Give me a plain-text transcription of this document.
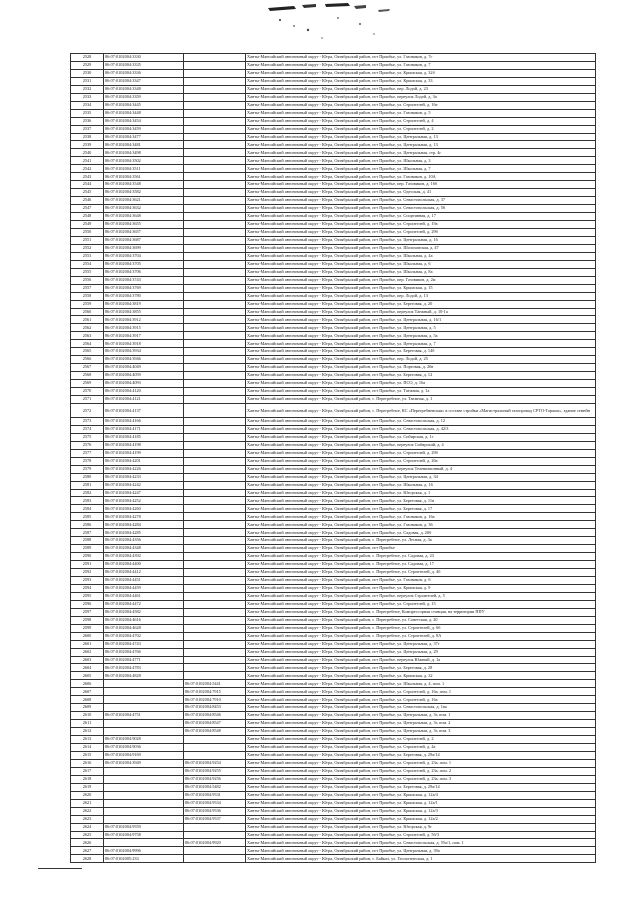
2528	86:07:0102004:3330		Ханты-Мансийский автономный округ - Югра, Октябрьский район, пгт Приобье, ул. Газовиков, д. 7г
2529	86:07:0102004:3335		Ханты-Мансийский автономный округ - Югра, Октябрьский район, пгт Приобье, ул. Газовиков, д. 7
2530	86:07:0102004:3336		Ханты-Мансийский автономный округ - Югра, Октябрьский район, пгт Приобье, ул. Крымская, д. 32б
2531	86:07:0102004:3347		Ханты-Мансийский автономный округ - Югра, Октябрьский район, пгт Приобье, ул. Крымская, д. 33
2532	86:07:0102004:3348		Ханты-Мансийский автономный округ - Югра, Октябрьский район, пгт Приобье, пер. Лодой, д. 23
2533	86:07:0102004:3359		Ханты-Мансийский автономный округ - Югра, Октябрьский район, пгт Приобье, переулок Лодой, д. 3а
2534	86:07:0102004:3445		Ханты-Мансийский автономный округ - Югра, Октябрьский район, пгт Приобье, ул. Строителей, д. 16е
2535	86:07:0102004:3448		Ханты-Мансийский автономный округ - Югра, Октябрьский район, пгт Приобье, ул. Газовиков, д. 5
2536	86:07:0102004:3454		Ханты-Мансийский автономный округ - Югра, Октябрьский район, пгт Приобье, ул. Строителей, д. 4
2537	86:07:0102004:3459		Ханты-Мансийский автономный округ - Югра, Октябрьский район, пгт Приобье, ул. Строителей, д. 2
2538	86:07:0102004:3477		Ханты-Мансийский автономный округ - Югра, Октябрьский район, пгт Приобье, ул. Центральная, д. 13
2539	86:07:0102004:3481		Ханты-Мансийский автономный округ - Югра, Октябрьский район, пгт Приобье, ул. Центральная, д. 13
2540	86:07:0102004:3498		Ханты-Мансийский автономный округ - Югра, Октябрьский район, пгт Приобье, ул. Центральная, стр. 4г
2541	86:07:0102004:3502		Ханты-Мансийский автономный округ - Югра, Октябрьский район, пгт Приобье, ул. Школьная, д. 3
2542	86:07:0102004:3511		Ханты-Мансийский автономный округ - Югра, Октябрьский район, пгт Приобье, ул. Школьная, д. 7
2543	86:07:0102004:3561		Ханты-Мансийский автономный округ - Югра, Октябрьский район, пгт Приобье, ул. Газовиков, д. 10А
2544	86:07:0102004:3548		Ханты-Мансийский автономный округ - Югра, Октябрьский район, пгт Приобье, пер. Газовиков, д. 16б
2545	86:07:0102004:3582		Ханты-Мансийский автономный округ - Югра, Октябрьский район, пгт Приобье, ул. Одесская, д. 41
2546	86:07:0102004:3621		Ханты-Мансийский автономный округ - Югра, Октябрьский район, пгт Приобье, ул. Севастопольская, д. 37
2547	86:07:0102004:3632		Ханты-Мансийский автономный округ - Югра, Октябрьский район, пгт Приобье, ул. Севастопольская, д. 56
2548	86:07:0102004:3648		Ханты-Мансийский автономный округ - Югра, Октябрьский район, пгт Приобье, ул. Спортивная, д. 17
2549	86:07:0102004:3655		Ханты-Мансийский автономный округ - Югра, Октябрьский район, пгт Приобье, ул. Строителей, д. 19а
2550	86:07:0102004:3657		Ханты-Мансийский автономный округ - Югра, Октябрьский район, пгт Приобье, ул. Строителей, д. 29б
2551	86:07:0102004:3687		Ханты-Мансийский автономный округ - Югра, Октябрьский район, пгт Приобье, ул. Центральная, д. 16
2552	86:07:0102004:3699		Ханты-Мансийский автономный округ - Югра, Октябрьский район, пгт Приобье, ул. Шолоховская, д. 47
2553	86:07:0102004:3704		Ханты-Мансийский автономный округ - Югра, Октябрьский район, пгт Приобье, ул. Школьная, д. 4а
2554	86:07:0102004:3705		Ханты-Мансийский автономный округ - Югра, Октябрьский район, пгт Приобье, ул. Школьная, д. 6
2555	86:07:0102004:3706		Ханты-Мансийский автономный округ - Югра, Октябрьский район, пгт Приобье, ул. Школьная, д. 8а
2556	86:07:0102004:3743		Ханты-Мансийский автономный округ - Югра, Октябрьский район, пгт Приобье, пер. Газовиков, д. 2м
2557	86:07:0102004:3769		Ханты-Мансийский автономный округ - Югра, Октябрьский район, пгт Приобье, ул. Крымская, д. 15
2558	86:07:0102004:3780		Ханты-Мансийский автономный округ - Югра, Октябрьский район, пгт Приобье, пер. Лодой, д. 13
2559	86:07:0102004:3819		Ханты-Мансийский автономный округ - Югра, Октябрьский район, пгт Приобье, ул. Береговая, д. 20
2560	86:07:0102004:3855		Ханты-Мансийский автономный округ - Югра, Октябрьский район, пгт Приобье, переулок Таежный, д. 10-1а
2561	86:07:0102004:3912		Ханты-Мансийский автономный округ - Югра, Октябрьский район, пгт Приобье, ул. Центральная, д. 16/1
2562	86:07:0102004:3915		Ханты-Мансийский автономный округ - Югра, Октябрьский район, пгт Приобье, ул. Центральная, д. 5
2563	86:07:0102004:3917		Ханты-Мансийский автономный округ - Югра, Октябрьский район, пгт Приобье, ул. Центральная, д. 5а
2564	86:07:0102004:3918		Ханты-Мансийский автономный округ - Югра, Октябрьский район, пгт Приобье, ул. Центральная, д. 7
2565	86:07:0102004:3934		Ханты-Мансийский автономный округ - Югра, Октябрьский район, пгт Приобье, ул. Береговая, д. 14б
2566	86:07:0102004:3946		Ханты-Мансийский автономный округ - Югра, Октябрьский район, пгт Приобье, пер. Лодой, д. 25
2567	86:07:0102004:4049		Ханты-Мансийский автономный округ - Югра, Октябрьский район, пгт Приобье, ул. Портовая, д. 20в
2568	86:07:0102004:4059		Ханты-Мансийский автономный округ - Югра, Октябрьский район, пгт Приобье, ул. Береговая, д. 12
2569	86:07:0102004:4093		Ханты-Мансийский автономный округ - Югра, Октябрьский район, пгт Приобье, ул. ПСО, д. 16а
2570	86:07:0102004:4120		Ханты-Мансийский автономный округ - Югра, Октябрьский район, пгт Приобье, ул. Таежная, д. 1а
2571	86:07:0102004:4121		Ханты-Мансийский автономный округ - Югра, Октябрьский район, с. Перегребное, ул. Таежная, д. 1
2572	86:07:0102004:4137		Ханты-Мансийский автономный округ - Югра, Октябрьский район, с. Перегребное, КС «Перегребненская» в составе стройки «Магистральный газопровод СРТО-Торжок», здание семейн
2573	86:07:0102004:4166		Ханты-Мансийский автономный округ - Югра, Октябрьский район, пгт Приобье, ул. Севастопольская, д. 12
2574	86:07:0102004:4171		Ханты-Мансийский автономный округ - Югра, Октябрьский район, пгт Приобье, ул. Севастопольская, д. 42/3
2575	86:07:0102004:4185		Ханты-Мансийский автономный округ - Югра, Октябрьский район, пгт Приобье, ул. Сибирская, д. 1г
2576	86:07:0102004:4198		Ханты-Мансийский автономный округ - Югра, Октябрьский район, пгт Приобье, переулок Сибирский, д. 4
2577	86:07:0102004:4199		Ханты-Мансийский автономный округ - Югра, Октябрьский район, пгт Приобье, ул. Строителей, д. 29б
2578	86:07:0102004:4201		Ханты-Мансийский автономный округ - Югра, Октябрьский район, пгт Приобье, ул. Строителей, д. 26а
2579	86:07:0102004:4226		Ханты-Мансийский автономный округ - Югра, Октябрьский район, пгт Приобье, переулок Телевизионный, д. 4
2580	86:07:0102004:4233		Ханты-Мансийский автономный округ - Югра, Октябрьский район, пгт Приобье, ул. Центральная, д. 34
2581	86:07:0102004:4242		Ханты-Мансийский автономный округ - Югра, Октябрьский район, пгт Приобье, ул. Школьная, д. 16
2582	86:07:0102004:4247		Ханты-Мансийский автономный округ - Югра, Октябрьский район, пгт Приобье, ул. Югорская, д. 1
2583	86:07:0102004:4252		Ханты-Мансийский автономный округ - Югра, Октябрьский район, пгт Приобье, ул. Береговая, д. 11в
2584	86:07:0102004:4260		Ханты-Мансийский автономный округ - Югра, Октябрьский район, пгт Приобье, ул. Береговая, д. 17
2585	86:07:0102004:4278		Ханты-Мансийский автономный округ - Югра, Октябрьский район, пгт Приобье, ул. Газовиков, д. 16а
2586	86:07:0102004:4284		Ханты-Мансийский автономный округ - Югра, Октябрьский район, пгт Приобье, ул. Газовиков, д. 36
2587	86:07:0102004:4285		Ханты-Мансийский автономный округ - Югра, Октябрьский район, пгт Приобье, ул. Садовая, д. 20б
2588	86:07:0102004:4356		Ханты-Мансийский автономный округ - Югра, Октябрьский район, с. Перегребное, ул. Лесная, д. 3а
2589	86:07:0102004:4348		Ханты-Мансийский автономный округ - Югра, Октябрьский район, пгт Приобье
2590	86:07:0102004:4392		Ханты-Мансийский автономный округ - Югра, Октябрьский район, с. Перегребное, ул. Садовая, д. 23
2591	86:07:0102004:4400		Ханты-Мансийский автономный округ - Югра, Октябрьский район, с. Перегребное, ул. Садовая, д. 17
2592	86:07:0102004:4412		Ханты-Мансийский автономный округ - Югра, Октябрьский район, с. Перегребное, ул. Строителей, д. 4б
2593	86:07:0102004:4451		Ханты-Мансийский автономный округ - Югра, Октябрьский район, пгт Приобье, ул. Газовиков, д. 6
2594	86:07:0102004:4459		Ханты-Мансийский автономный округ - Югра, Октябрьский район, пгт Приобье, ул. Крымская, д. 9
2595	86:07:0102004:4461		Ханты-Мансийский автономный округ - Югра, Октябрьский район, пгт Приобье, переулок Строителей, д. 5
2596	86:07:0102004:4472		Ханты-Мансийский автономный округ - Югра, Октябрьский район, пгт Приобье, ул. Строителей, д. 15
2597	86:07:0102004:4582		Ханты-Мансийский автономный округ - Югра, Октябрьский район, с. Перегребное, Компрессорная станция, на территории ППУ
2598	86:07:0102004:4616		Ханты-Мансийский автономный округ - Югра, Октябрьский район, с. Перегребное, ул. Советская, д. 20
2599	86:07:0102004:4628		Ханты-Мансийский автономный округ - Югра, Октябрьский район, с. Перегребное, ул. Строителей, д. 6б
2600	86:07:0102004:4702		Ханты-Мансийский автономный округ - Югра, Октябрьский район, с. Перегребное, ул. Строителей, д. 8А
2601	86:07:0102004:4743		Ханты-Мансийский автономный округ - Югра, Октябрьский район, пгт Приобье, ул. Центральная, д. 37г
2602	86:07:0102004:4766		Ханты-Мансийский автономный округ - Югра, Октябрьский район, пгт Приобье, ул. Центральная, д. 29
2603	86:07:0102004:4771		Ханты-Мансийский автономный округ - Югра, Октябрьский район, пгт Приобье, переулок Южный, д. 1а
2604	86:07:0102004:4783		Ханты-Мансийский автономный округ - Югра, Октябрьский район, пгт Приобье, ул. Береговая, д. 28
2605	86:07:0102004:4828		Ханты-Мансийский автономный округ - Югра, Октябрьский район, пгт Приобье, ул. Крымская, д. 32
2606		86:07:0102004:5441	Ханты-Мансийский автономный округ - Югра, Октябрьский район, пгт Приобье, ул. Школьная, д. 4, пом. 1
2607		86:07:0102004:7915	Ханты-Мансийский автономный округ - Югра, Октябрьский район, пгт Приобье, ул. Строителей, д. 16а, пом. 1
2608		86:07:0102004:7910	Ханты-Мансийский автономный округ - Югра, Октябрьский район, пгт Приобье, ул. Строителей, д. 16а
2609		86:07:0102004:8453	Ханты-Мансийский автономный округ - Югра, Октябрьский район, пгт Приобье, ул. Севастопольская, д. 1ва
2610	86:07:0102004:4751	86:07:0102004:8546	Ханты-Мансийский автономный округ - Югра, Октябрьский район, пгт Приобье, ул. Центральная, д. 3г, пом. 1
2611		86:07:0102004:8547	Ханты-Мансийский автономный округ - Югра, Октябрьский район, пгт Приобье, ул. Центральная, д. 3г, пом. 2
2612		86:07:0102004:8548	Ханты-Мансийский автономный округ - Югра, Октябрьский район, пгт Приобье, ул. Центральная, д. 3г, пом. 3
2613	86:07:0102004:9028		Ханты-Мансийский автономный округ - Югра, Октябрьский район, пгт Приобье, ул. Строителей, д. 2
2614	86:07:0102004:9036		Ханты-Мансийский автономный округ - Югра, Октябрьский район, пгт Приобье, ул. Строителей, д. 4а
2615	86:07:0102004:9169		Ханты-Мансийский автономный округ - Югра, Октябрьский район, пгт Приобье, ул. Береговая, д. 29а/14
2616	86:07:0102004:3949	86:07:0102004:9254	Ханты-Мансийский автономный округ - Югра, Октябрьский район, пгт Приобье, ул. Строителей, д. 23а, пом. 1
2617		86:07:0102004:9255	Ханты-Мансийский автономный округ - Югра, Октябрьский район, пгт Приобье, ул. Строителей, д. 23а, пом. 2
2618		86:07:0102004:9256	Ханты-Мансийский автономный округ - Югра, Октябрьский район, пгт Приобье, ул. Строителей, д. 23а, пом. 3
2619		86:07:0102004:5482	Ханты-Мансийский автономный округ - Югра, Октябрьский район, пгт Приобье, ул. Береговая, д. 29а/14
2620		86:07:0102004:9531	Ханты-Мансийский автономный округ - Югра, Октябрьский район, пгт Приобье, ул. Крымская, д. 12а/4
2621		86:07:0102004:9534	Ханты-Мансийский автономный округ - Югра, Октябрьский район, пгт Приобье, ул. Крымская, д. 12а/1
2622		86:07:0102004:9536	Ханты-Мансийский автономный округ - Югра, Октябрьский район, пгт Приобье, ул. Крымская, д. 12а/3
2623		86:07:0102004:9537	Ханты-Мансийский автономный округ - Югра, Октябрьский район, пгт Приобье, ул. Крымская, д. 12а/2
2624	86:07:0102004:9559		Ханты-Мансийский автономный округ - Югра, Октябрьский район, пгт Приобье, ул. Югорская, д. 9г
2625	86:07:0102004:9758		Ханты-Мансийский автономный округ - Югра, Октябрьский район, пгт Приобье, ул. Строителей, д. 5б/3
2626		86:07:0102004:9920	Ханты-Мансийский автономный округ - Югра, Октябрьский район, пгт Приобье, ул. Севастопольская, д. 55а/1, пом. 1
2627	86:07:0102004:9996		Ханты-Мансийский автономный округ - Югра, Октябрьский район, пгт Приобье, ул. Центральная, д. 39а
2628	86:07:0102005:233		Ханты-Мансийский автономный округ - Югра, Октябрьский район, с. Байкал, ул. Геологическая, д. 1
